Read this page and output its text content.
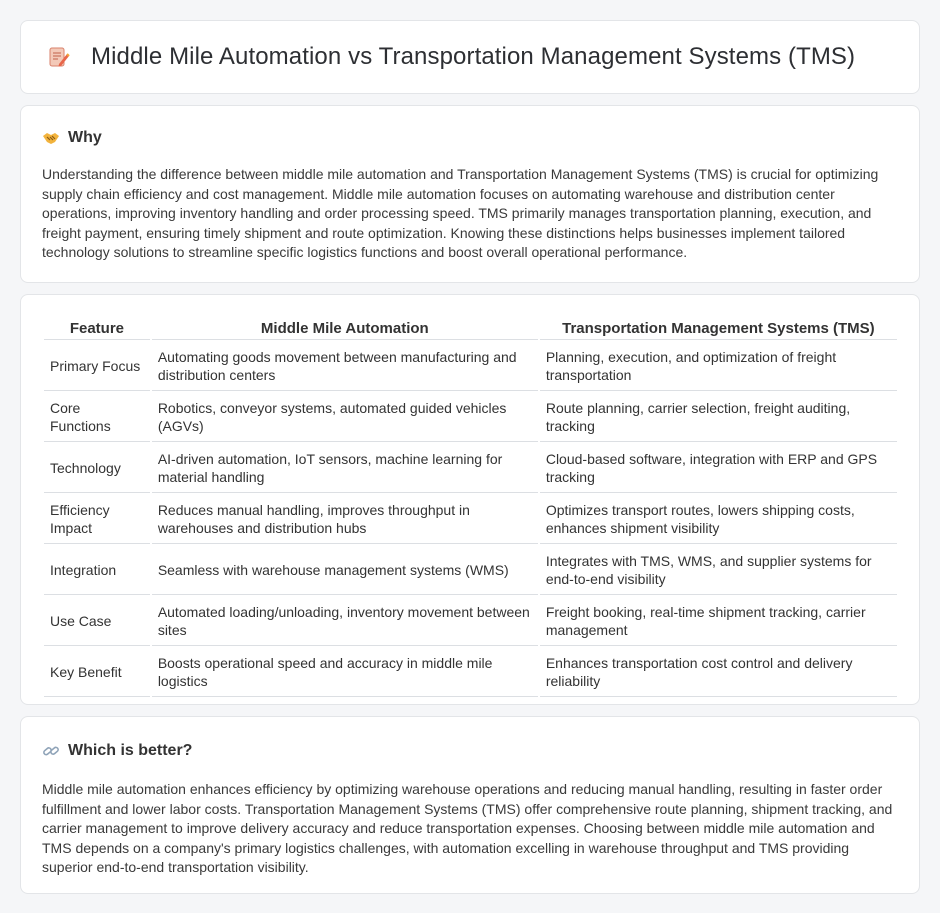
Middle Mile Automation vs Transportation Management Systems (TMS)
Why

Understanding the difference between middle mile automation and Transportation Management Systems (TMS) is crucial for optimizing supply chain efficiency and cost management. Middle mile automation focuses on automating warehouse and distribution center operations, improving inventory handling and order processing speed. TMS primarily manages transportation planning, execution, and freight payment, ensuring timely shipment and route optimization. Knowing these distinctions helps businesses implement tailored technology solutions to streamline specific logistics functions and boost overall operational performance.

Feature	Middle Mile Automation	Transportation Management Systems (TMS)
Primary Focus	Automating goods movement between manufacturing and distribution centers	Planning, execution, and optimization of freight transportation
Core Functions	Robotics, conveyor systems, automated guided vehicles (AGVs)	Route planning, carrier selection, freight auditing, tracking
Technology	AI-driven automation, IoT sensors, machine learning for material handling	Cloud-based software, integration with ERP and GPS tracking
Efficiency Impact	Reduces manual handling, improves throughput in warehouses and distribution hubs	Optimizes transport routes, lowers shipping costs, enhances shipment visibility
Integration	Seamless with warehouse management systems (WMS)	Integrates with TMS, WMS, and supplier systems for end-to-end visibility
Use Case	Automated loading/unloading, inventory movement between sites	Freight booking, real-time shipment tracking, carrier management
Key Benefit	Boosts operational speed and accuracy in middle mile logistics	Enhances transportation cost control and delivery reliability
Which is better?

Middle mile automation enhances efficiency by optimizing warehouse operations and reducing manual handling, resulting in faster order fulfillment and lower labor costs. Transportation Management Systems (TMS) offer comprehensive route planning, shipment tracking, and carrier management to improve delivery accuracy and reduce transportation expenses. Choosing between middle mile automation and TMS depends on a company's primary logistics challenges, with automation excelling in warehouse throughput and TMS providing superior end-to-end transportation visibility.
